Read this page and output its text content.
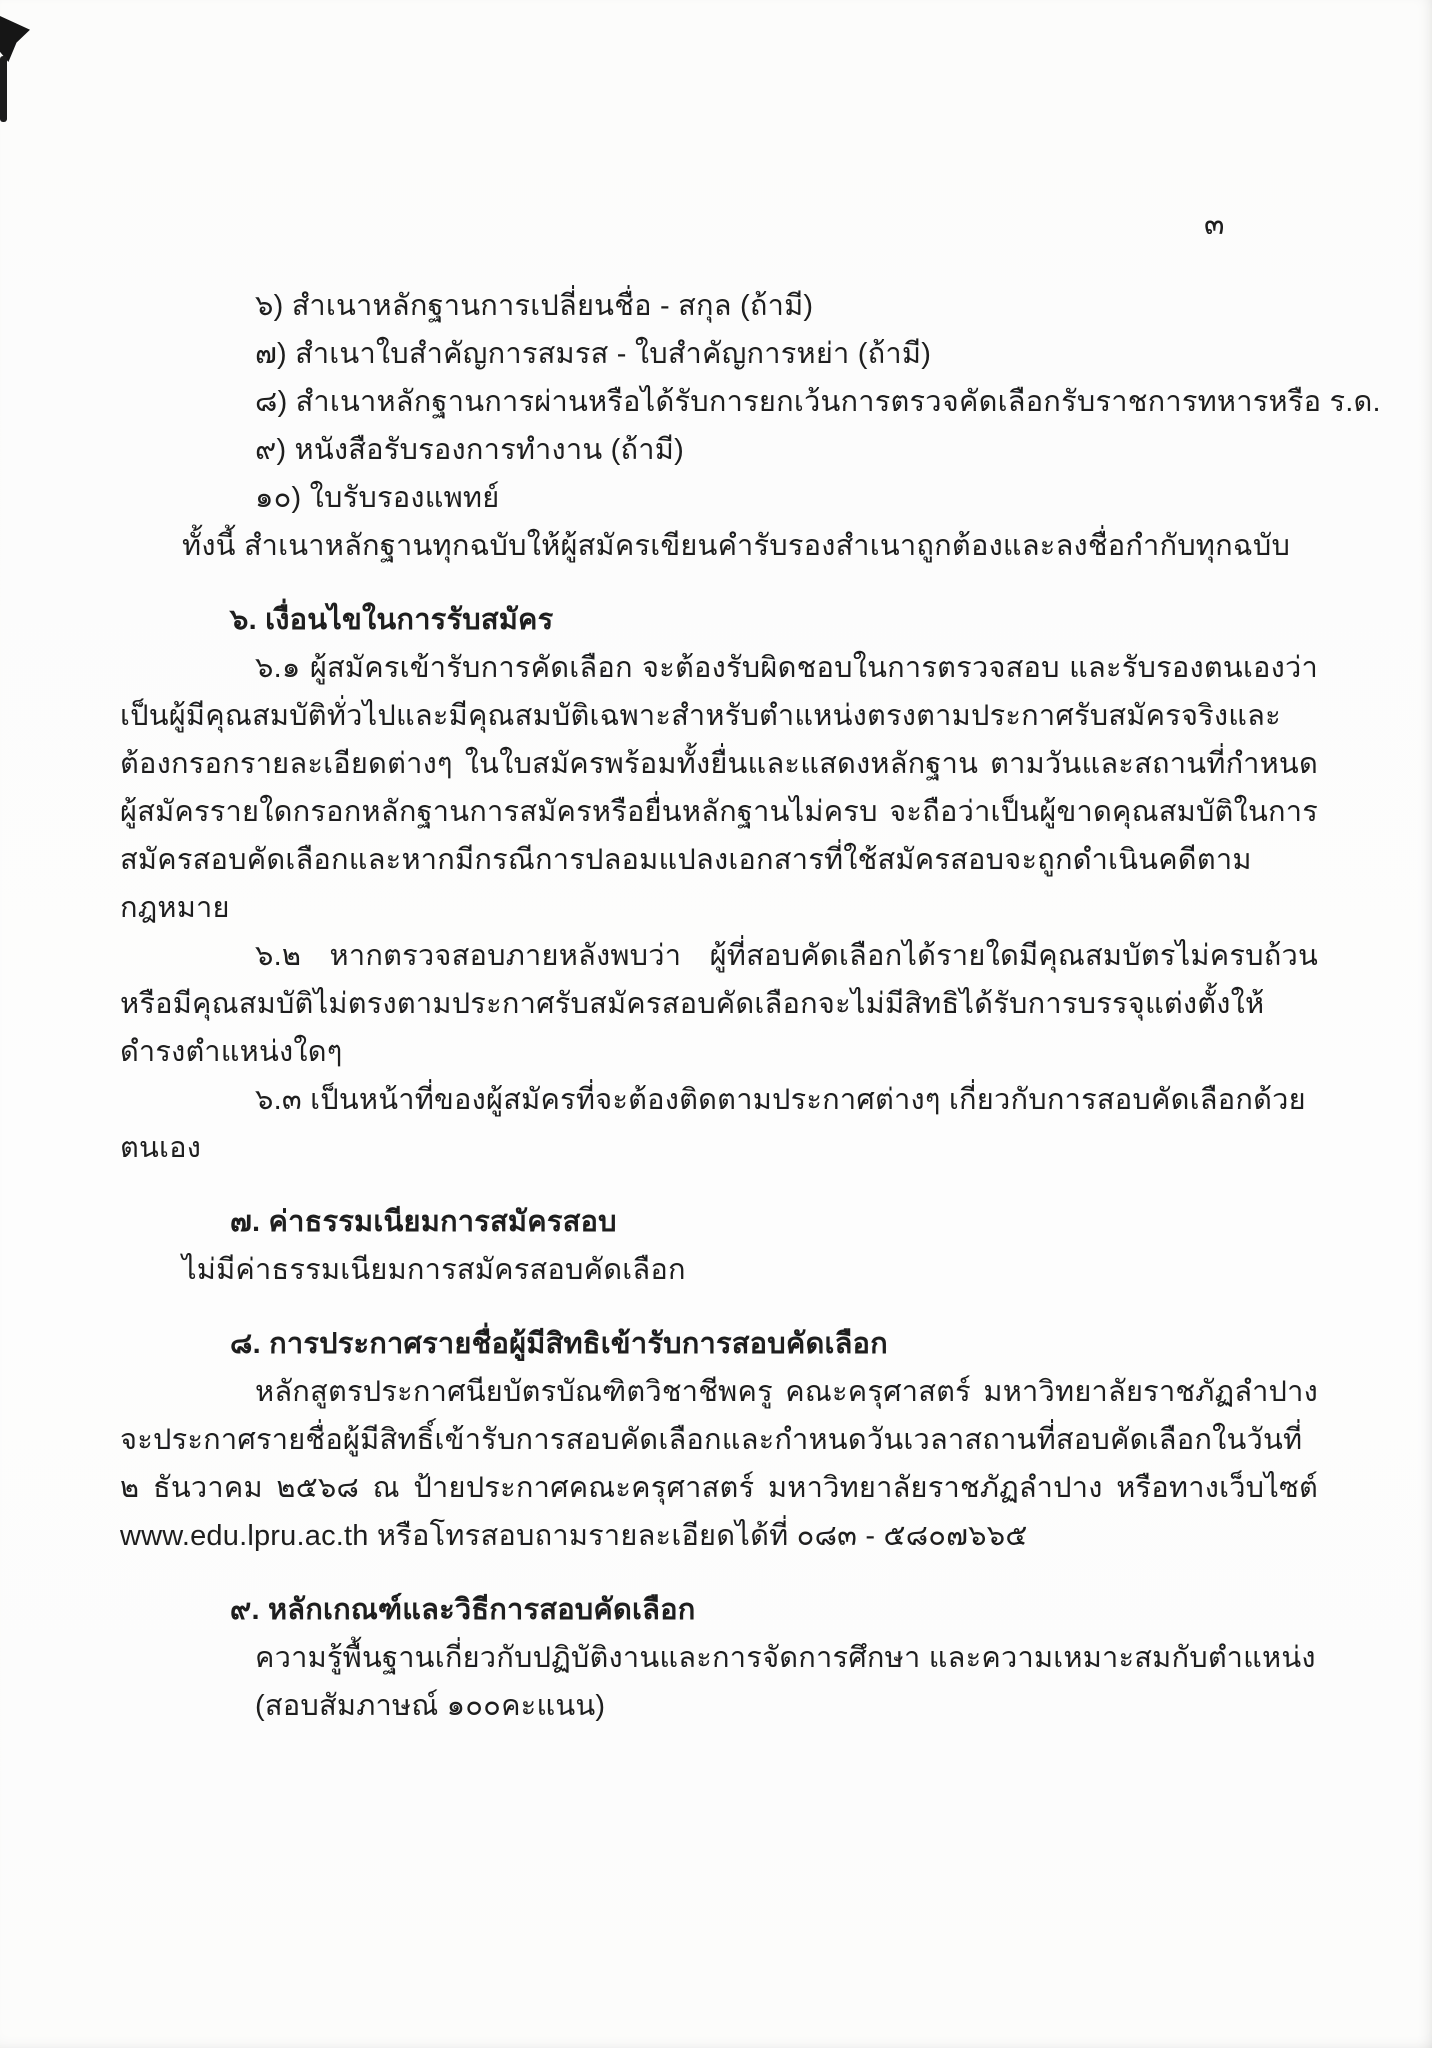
๓
๖) สำเนาหลักฐานการเปลี่ยนชื่อ - สกุล (ถ้ามี)
๗) สำเนาใบสำคัญการสมรส - ใบสำคัญการหย่า (ถ้ามี)
๘) สำเนาหลักฐานการผ่านหรือได้รับการยกเว้นการตรวจคัดเลือกรับราชการทหารหรือ ร.ด.
๙) หนังสือรับรองการทำงาน (ถ้ามี)
๑๐) ใบรับรองแพทย์

ทั้งนี้ สำเนาหลักฐานทุกฉบับให้ผู้สมัครเขียนคำรับรองสำเนาถูกต้องและลงชื่อกำกับทุกฉบับ

๖. เงื่อนไขในการรับสมัคร

๖.๑ ผู้สมัครเข้ารับการคัดเลือก จะต้องรับผิดชอบในการตรวจสอบ และรับรองตนเองว่าเป็นผู้มีคุณสมบัติทั่วไปและมีคุณสมบัติเฉพาะสำหรับตำแหน่งตรงตามประกาศรับสมัครจริงและต้องกรอกรายละเอียดต่างๆ ในใบสมัครพร้อมทั้งยื่นและแสดงหลักฐาน ตามวันและสถานที่กำหนด ผู้สมัครรายใดกรอกหลักฐานการสมัครหรือยื่นหลักฐานไม่ครบ จะถือว่าเป็นผู้ขาดคุณสมบัติในการสมัครสอบคัดเลือกและหากมีกรณีการปลอมแปลงเอกสารที่ใช้สมัครสอบจะถูกดำเนินคดีตามกฎหมาย

๖.๒ หากตรวจสอบภายหลังพบว่า ผู้ที่สอบคัดเลือกได้รายใดมีคุณสมบัตรไม่ครบถ้วนหรือมีคุณสมบัติไม่ตรงตามประกาศรับสมัครสอบคัดเลือกจะไม่มีสิทธิได้รับการบรรจุแต่งตั้งให้ดำรงตำแหน่งใดๆ

๖.๓ เป็นหน้าที่ของผู้สมัครที่จะต้องติดตามประกาศต่างๆ เกี่ยวกับการสอบคัดเลือกด้วยตนเอง

๗. ค่าธรรมเนียมการสมัครสอบ

ไม่มีค่าธรรมเนียมการสมัครสอบคัดเลือก

๘. การประกาศรายชื่อผู้มีสิทธิเข้ารับการสอบคัดเลือก

หลักสูตรประกาศนียบัตรบัณฑิตวิชาชีพครู คณะครุศาสตร์ มหาวิทยาลัยราชภัฏลำปาง จะประกาศรายชื่อผู้มีสิทธิ์เข้ารับการสอบคัดเลือกและกำหนดวันเวลาสถานที่สอบคัดเลือกในวันที่ ๒ ธันวาคม ๒๕๖๘ ณ ป้ายประกาศคณะครุศาสตร์ มหาวิทยาลัยราชภัฏลำปาง หรือทางเว็บไซต์ www.edu.lpru.ac.th หรือโทรสอบถามรายละเอียดได้ที่ ๐๘๓ - ๕๘๐๗๖๖๕

๙. หลักเกณฑ์และวิธีการสอบคัดเลือก

ความรู้พื้นฐานเกี่ยวกับปฏิบัติงานและการจัดการศึกษา และความเหมาะสมกับตำแหน่ง

(สอบสัมภาษณ์ ๑๐๐คะแนน)
